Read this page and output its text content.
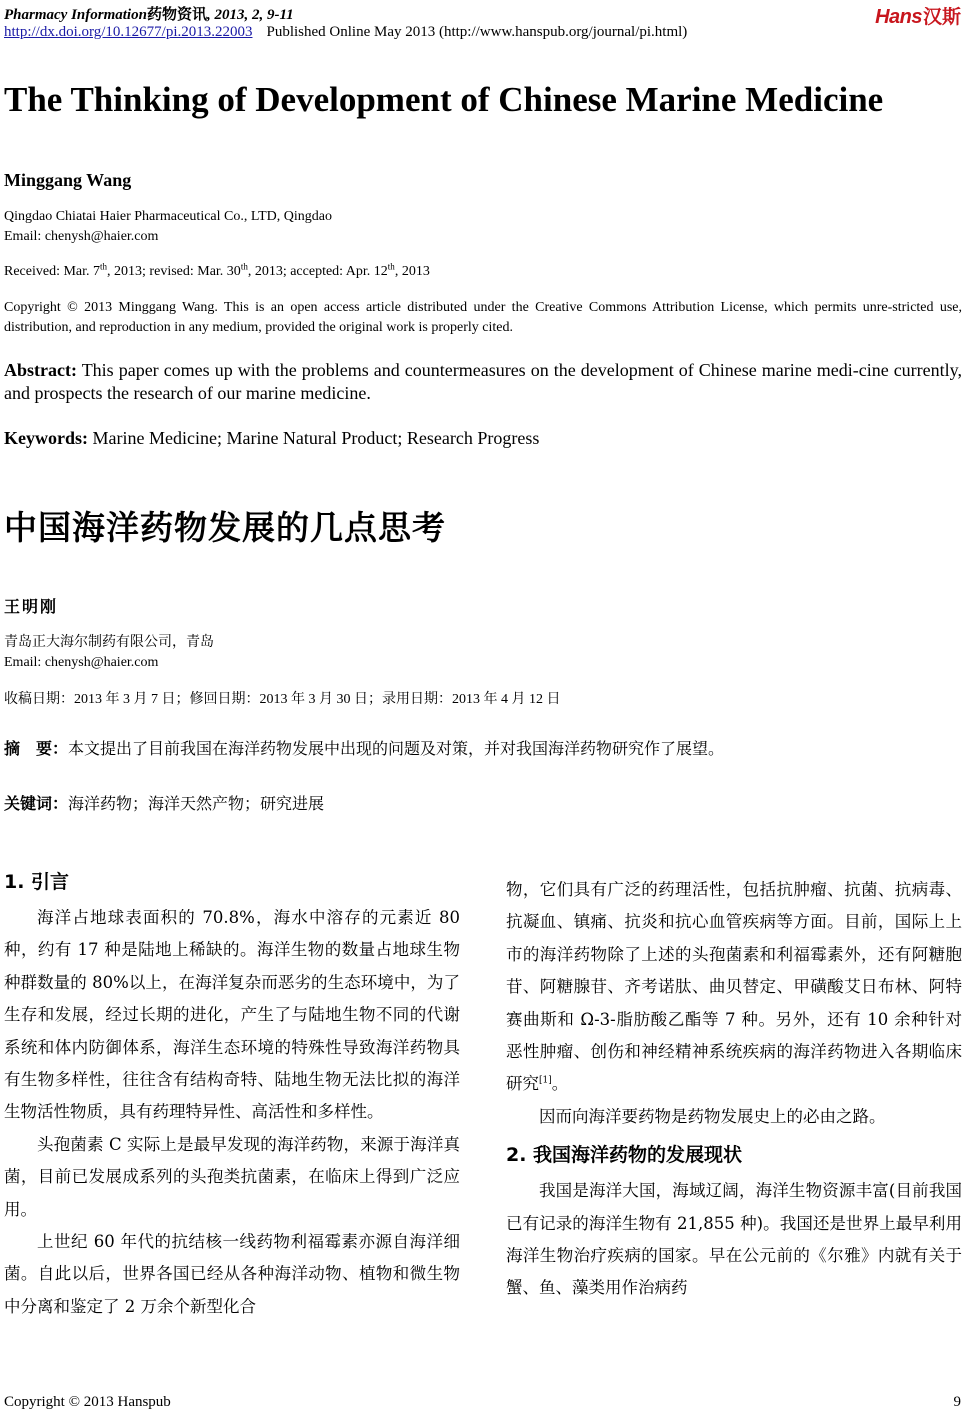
Pharmacy Information药物资讯, 2013, 2, 9-11
http://dx.doi.org/10.12677/pi.2013.22003 Published Online May 2013 (http://www.hanspub.org/journal/pi.html)
Hans 汉斯
The Thinking of Development of Chinese Marine Medicine
Minggang Wang
Qingdao Chiatai Haier Pharmaceutical Co., LTD, Qingdao
Email: chenysh@haier.com
Received: Mar. 7th, 2013; revised: Mar. 30th, 2013; accepted: Apr. 12th, 2013
Copyright © 2013 Minggang Wang. This is an open access article distributed under the Creative Commons Attribution License, which permits unre-stricted use, distribution, and reproduction in any medium, provided the original work is properly cited.
Abstract: This paper comes up with the problems and countermeasures on the development of Chinese marine medi-cine currently, and prospects the research of our marine medicine.
Keywords: Marine Medicine; Marine Natural Product; Research Progress
中国海洋药物发展的几点思考
王明刚
青岛正大海尔制药有限公司，青岛
Email: chenysh@haier.com
收稿日期：2013 年 3 月 7 日；修回日期：2013 年 3 月 30 日；录用日期：2013 年 4 月 12 日
摘　要：本文提出了目前我国在海洋药物发展中出现的问题及对策，并对我国海洋药物研究作了展望。
关键词：海洋药物；海洋天然产物；研究进展
1. 引言

海洋占地球表面积的 70.8%，海水中溶存的元素近 80 种，约有 17 种是陆地上稀缺的。海洋生物的数量占地球生物种群数量的 80%以上，在海洋复杂而恶劣的生态环境中，为了生存和发展，经过长期的进化，产生了与陆地生物不同的代谢系统和体内防御体系，海洋生态环境的特殊性导致海洋药物具有生物多样性，往往含有结构奇特、陆地生物无法比拟的海洋生物活性物质，具有药理特异性、高活性和多样性。

头孢菌素 C 实际上是最早发现的海洋药物，来源于海洋真菌，目前已发展成系列的头孢类抗菌素，在临床上得到广泛应用。

上世纪 60 年代的抗结核一线药物利福霉素亦源自海洋细菌。自此以后，世界各国已经从各种海洋动物、植物和微生物中分离和鉴定了 2 万余个新型化合

物，它们具有广泛的药理活性，包括抗肿瘤、抗菌、抗病毒、抗凝血、镇痛、抗炎和抗心血管疾病等方面。目前，国际上上市的海洋药物除了上述的头孢菌素和利福霉素外，还有阿糖胞苷、阿糖腺苷、齐考诺肽、曲贝替定、甲磺酸艾日布林、阿特赛曲斯和 Ω-3-脂肪酸乙酯等 7 种。另外，还有 10 余种针对恶性肿瘤、创伤和神经精神系统疾病的海洋药物进入各期临床研究[1]。

因而向海洋要药物是药物发展史上的必由之路。

2. 我国海洋药物的发展现状

我国是海洋大国，海域辽阔，海洋生物资源丰富(目前我国已有记录的海洋生物有 21,855 种)。我国还是世界上最早利用海洋生物治疗疾病的国家。早在公元前的《尔雅》内就有关于蟹、鱼、藻类用作治病药

Copyright © 2013 Hanspub	9
